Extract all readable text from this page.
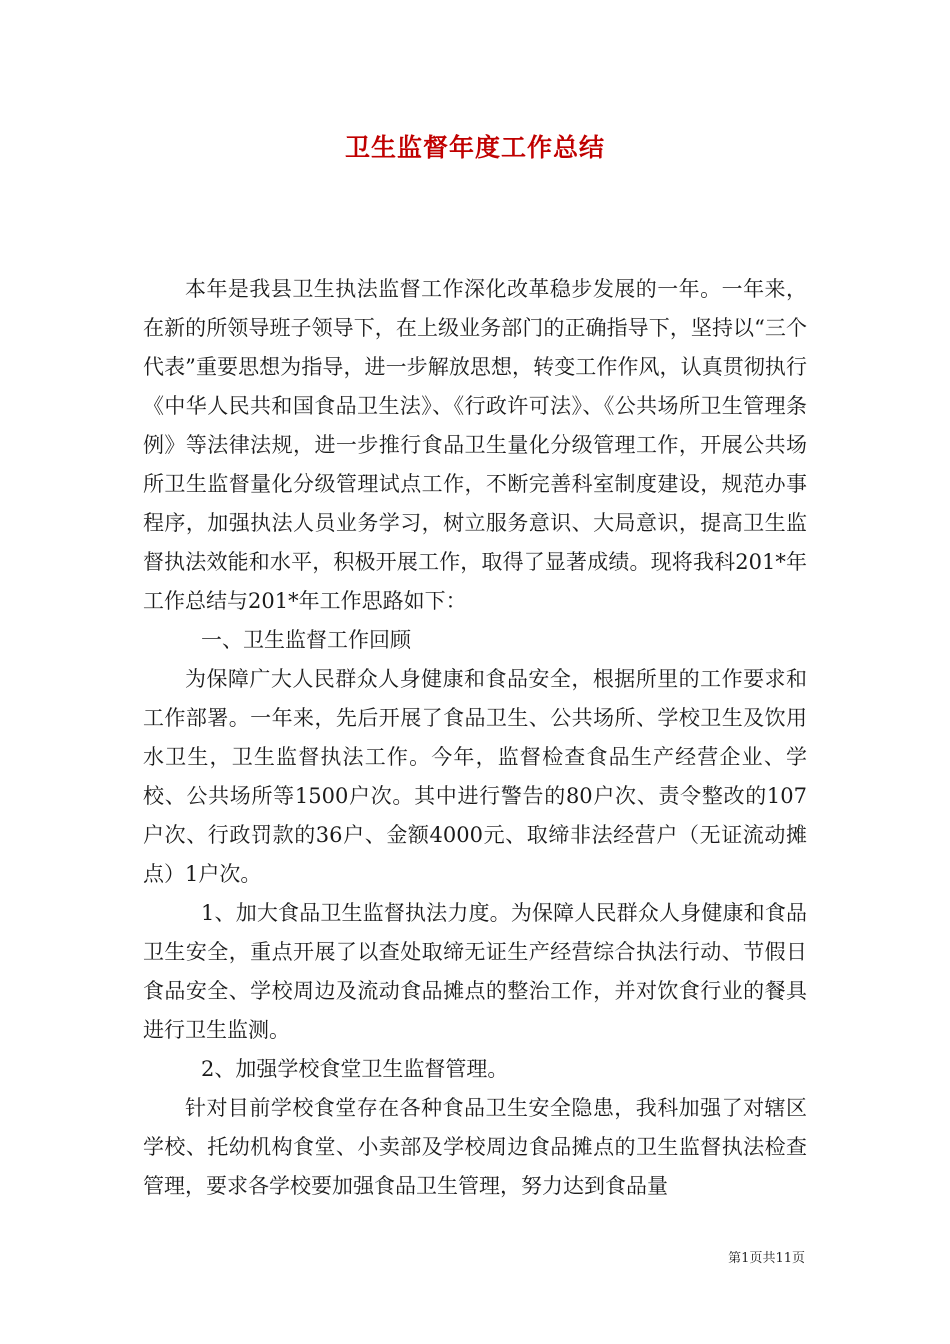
卫生监督年度工作总结

本年是我县卫生执法监督工作深化改革稳步发展的一年。一年来，在新的所领导班子领导下，在上级业务部门的正确指导下，坚持以“三个代表”重要思想为指导，进一步解放思想，转变工作作风，认真贯彻执行《中华人民共和国食品卫生法》、《行政许可法》、《公共场所卫生管理条例》等法律法规，进一步推行食品卫生量化分级管理工作，开展公共场所卫生监督量化分级管理试点工作，不断完善科室制度建设，规范办事程序，加强执法人员业务学习，树立服务意识、大局意识，提高卫生监督执法效能和水平，积极开展工作，取得了显著成绩。现将我科201*年工作总结与201*年工作思路如下：

一、卫生监督工作回顾

为保障广大人民群众人身健康和食品安全，根据所里的工作要求和工作部署。一年来，先后开展了食品卫生、公共场所、学校卫生及饮用水卫生，卫生监督执法工作。今年，监督检查食品生产经营企业、学校、公共场所等1500户次。其中进行警告的80户次、责令整改的107户次、行政罚款的36户、金额4000元、取缔非法经营户（无证流动摊点）1户次。

1、加大食品卫生监督执法力度。为保障人民群众人身健康和食品卫生安全，重点开展了以查处取缔无证生产经营综合执法行动、节假日食品安全、学校周边及流动食品摊点的整治工作，并对饮食行业的餐具进行卫生监测。

2、加强学校食堂卫生监督管理。

针对目前学校食堂存在各种食品卫生安全隐患，我科加强了对辖区学校、托幼机构食堂、小卖部及学校周边食品摊点的卫生监督执法检查管理，要求各学校要加强食品卫生管理，努力达到食品量

第1页共11页
